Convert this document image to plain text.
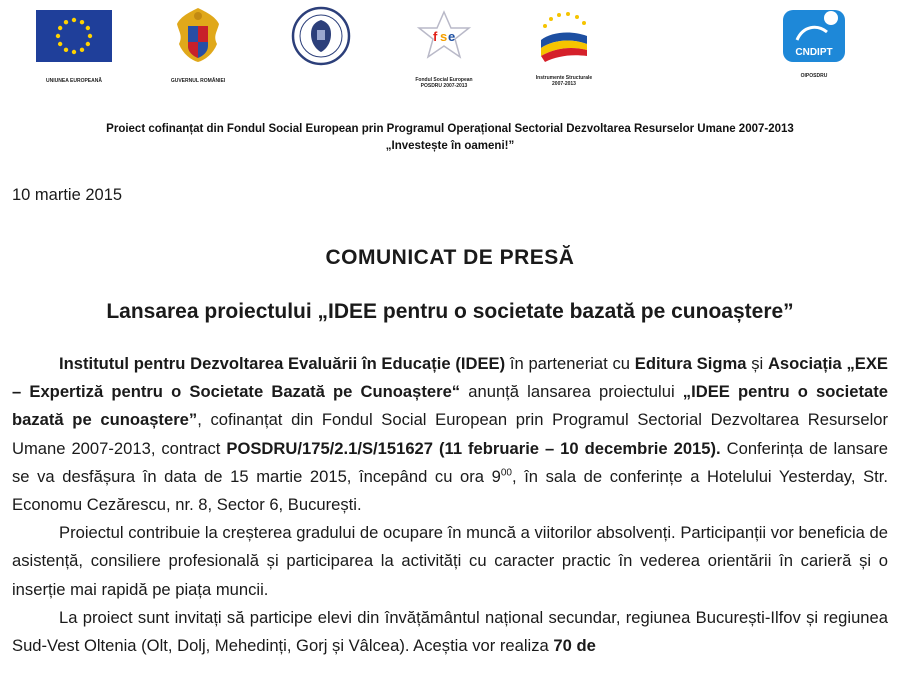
UNIUNEA EUROPEANĂ	GUVERNUL ROMÂNIEI
f s e
Fondul Social European
POSDRU 2007-2013
Instrumente Structurale
2007-2013
CNDIPT
OIPOSDRU
Proiect cofinanțat din Fondul Social European prin Programul Operațional Sectorial Dezvoltarea Resurselor Umane 2007-2013
„Investește în oameni!”
10 martie 2015
COMUNICAT DE PRESĂ
Lansarea proiectului „IDEE pentru o societate bazată pe cunoaștere”

Institutul pentru Dezvoltarea Evaluării în Educație (IDEE) în parteneriat cu Editura Sigma și Asociația „EXE – Expertiză pentru o Societate Bazată pe Cunoaștere“ anunță lansarea proiectului „IDEE pentru o societate bazată pe cunoaștere”, cofinanțat din Fondul Social European prin Programul Sectorial Dezvoltarea Resurselor Umane 2007-2013, contract POSDRU/175/2.1/S/151627 (11 februarie – 10 decembrie 2015). Conferința de lansare se va desfășura în data de 15 martie 2015, începând cu ora $9^{00}$, în sala de conferințe a Hotelului Yesterday, Str. Economu Cezărescu, nr. 8, Sector 6, București.

Proiectul contribuie la creșterea gradului de ocupare în muncă a viitorilor absolvenți. Participanții vor beneficia de asistență, consiliere profesională și participarea la activități cu caracter practic în vederea orientării în carieră și o inserție mai rapidă pe piața muncii.

La proiect sunt invitați să participe elevi din învățământul național secundar, regiunea București-Ilfov și regiunea Sud-Vest Oltenia (Olt, Dolj, Mehedinți, Gorj și Vâlcea). Aceștia vor realiza 70 de
